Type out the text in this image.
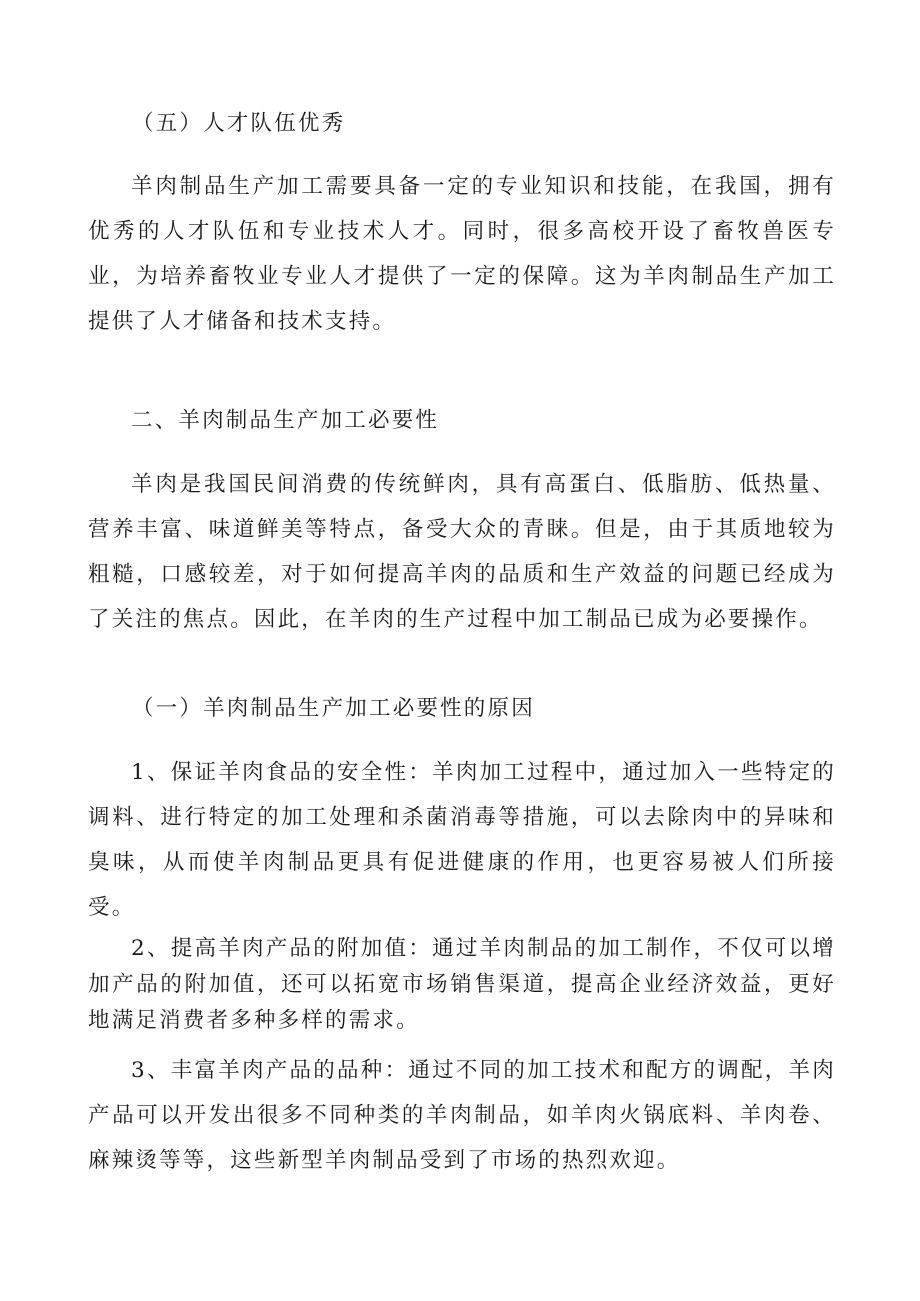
（五）人才队伍优秀

羊肉制品生产加工需要具备一定的专业知识和技能，在我国，拥有优秀的人才队伍和专业技术人才。同时，很多高校开设了畜牧兽医专业，为培养畜牧业专业人才提供了一定的保障。这为羊肉制品生产加工提供了人才储备和技术支持。

二、羊肉制品生产加工必要性

羊肉是我国民间消费的传统鲜肉，具有高蛋白、低脂肪、低热量、营养丰富、味道鲜美等特点，备受大众的青睐。但是，由于其质地较为粗糙，口感较差，对于如何提高羊肉的品质和生产效益的问题已经成为了关注的焦点。因此，在羊肉的生产过程中加工制品已成为必要操作。

（一）羊肉制品生产加工必要性的原因

1、保证羊肉食品的安全性：羊肉加工过程中，通过加入一些特定的调料、进行特定的加工处理和杀菌消毒等措施，可以去除肉中的异味和臭味，从而使羊肉制品更具有促进健康的作用，也更容易被人们所接受。

2、提高羊肉产品的附加值：通过羊肉制品的加工制作，不仅可以增加产品的附加值，还可以拓宽市场销售渠道，提高企业经济效益，更好地满足消费者多种多样的需求。

3、丰富羊肉产品的品种：通过不同的加工技术和配方的调配，羊肉产品可以开发出很多不同种类的羊肉制品，如羊肉火锅底料、羊肉卷、麻辣烫等等，这些新型羊肉制品受到了市场的热烈欢迎。
